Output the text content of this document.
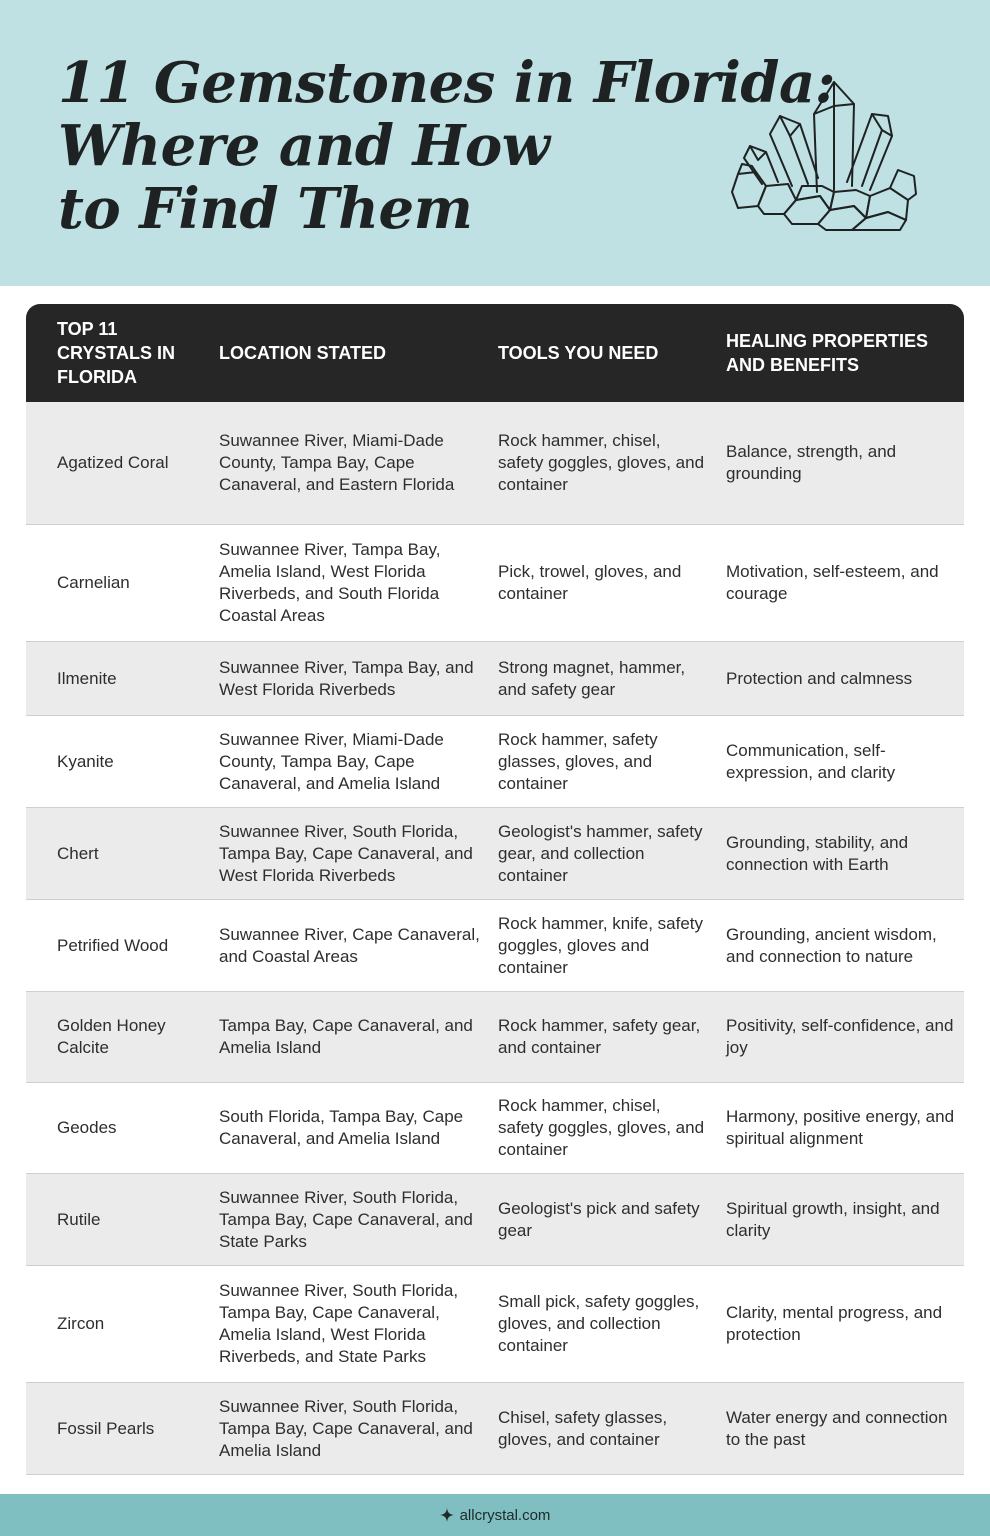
11 Gemstones in Florida:
Where and How
to Find Them
TOP 11 CRYSTALS IN FLORIDA
LOCATION STATED	TOOLS YOU NEED
HEALING PROPERTIES AND BENEFITS
Agatized Coral
Suwannee River, Miami-Dade County, Tampa Bay, Cape Canaveral, and Eastern Florida
Rock hammer, chisel, safety goggles, gloves, and container
Balance, strength, and grounding
Carnelian
Suwannee River, Tampa Bay, Amelia Island, West Florida Riverbeds, and South Florida Coastal Areas
Pick, trowel, gloves, and container
Motivation, self-esteem, and courage
Ilmenite
Suwannee River, Tampa Bay, and West Florida Riverbeds
Strong magnet, hammer, and safety gear
Protection and calmness
Kyanite
Suwannee River, Miami-Dade County, Tampa Bay, Cape Canaveral, and Amelia Island
Rock hammer, safety glasses, gloves, and container
Communication, self-expression, and clarity
Chert
Suwannee River, South Florida, Tampa Bay, Cape Canaveral, and West Florida Riverbeds
Geologist's hammer, safety gear, and collection container
Grounding, stability, and connection with Earth
Petrified Wood
Suwannee River, Cape Canaveral, and Coastal Areas
Rock hammer, knife, safety goggles, gloves and container
Grounding, ancient wisdom, and connection to nature
Golden Honey Calcite
Tampa Bay, Cape Canaveral, and Amelia Island
Rock hammer, safety gear, and container
Positivity, self-confidence, and joy
Geodes
South Florida, Tampa Bay, Cape Canaveral, and Amelia Island
Rock hammer, chisel, safety goggles, gloves, and container
Harmony, positive energy, and spiritual alignment
Rutile
Suwannee River, South Florida, Tampa Bay, Cape Canaveral, and State Parks
Geologist's pick and safety gear
Spiritual growth, insight, and clarity
Zircon
Suwannee River, South Florida, Tampa Bay, Cape Canaveral, Amelia Island, West Florida Riverbeds, and State Parks
Small pick, safety goggles, gloves, and collection container
Clarity, mental progress, and protection
Fossil Pearls
Suwannee River, South Florida, Tampa Bay, Cape Canaveral, and Amelia Island
Chisel, safety glasses, gloves, and container
Water energy and connection to the past
allcrystal.com
